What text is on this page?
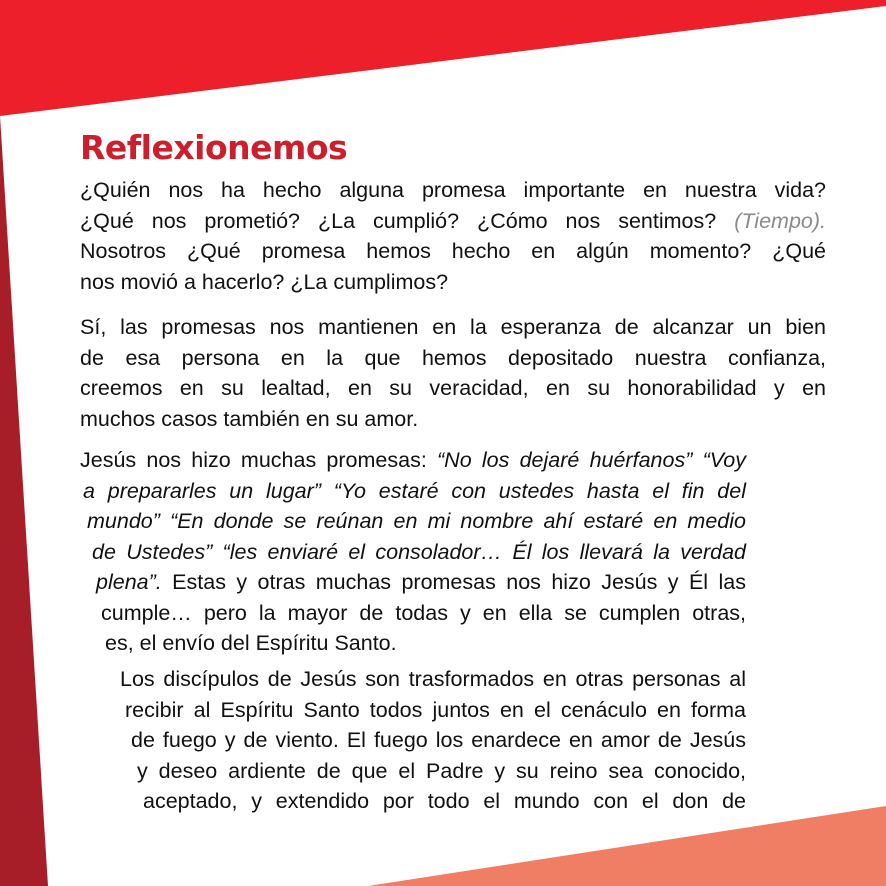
Reflexionemos
¿Quién nos ha hecho alguna promesa importante en nuestra vida?
¿Qué nos prometió? ¿La cumplió? ¿Cómo nos sentimos? (Tiempo).
Nosotros ¿Qué promesa hemos hecho en algún momento? ¿Qué
nos movió a hacerlo? ¿La cumplimos?
Sí, las promesas nos mantienen en la esperanza de alcanzar un bien
de esa persona en la que hemos depositado nuestra confianza,
creemos en su lealtad, en su veracidad, en su honorabilidad y en
muchos casos también en su amor.
Jesús nos hizo muchas promesas: “No los dejaré huérfanos” “Voy
a prepararles un lugar” “Yo estaré con ustedes hasta el fin del
mundo” “En donde se reúnan en mi nombre ahí estaré en medio
de Ustedes” “les enviaré el consolador… Él los llevará la verdad
plena”. Estas y otras muchas promesas nos hizo Jesús y Él las
cumple… pero la mayor de todas y en ella se cumplen otras,
es, el envío del Espíritu Santo.
Los discípulos de Jesús son trasformados en otras personas al
recibir al Espíritu Santo todos juntos en el cenáculo en forma
de fuego y de viento. El fuego los enardece en amor de Jesús
y deseo ardiente de que el Padre y su reino sea conocido,
aceptado, y extendido por todo el mundo con el don de
